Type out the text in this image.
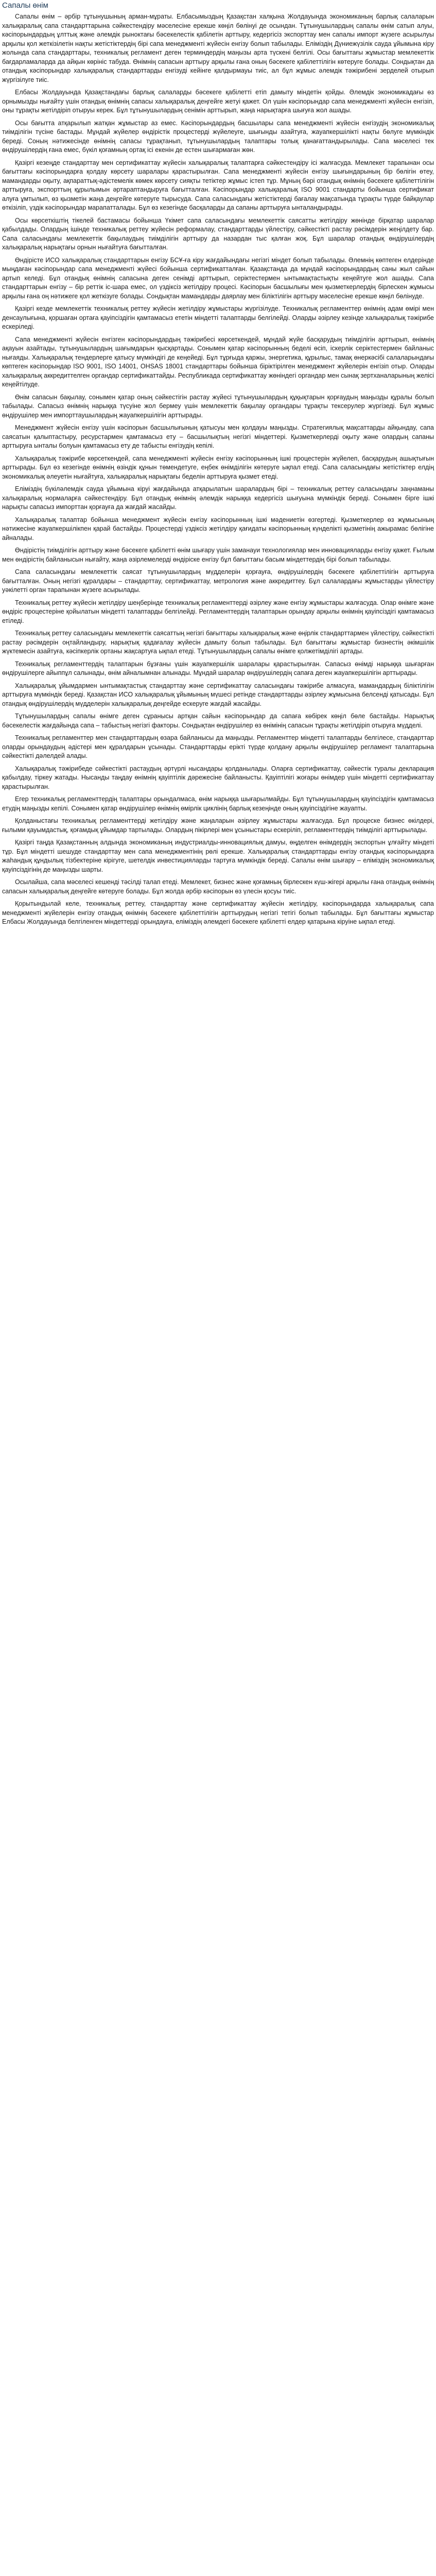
Сапалы өнім

Сапалы өнім – әрбір тұтынушының арман-мұраты. Елбасымыздың Қазақстан халқына Жолдауында экономиканың барлық салаларын халықаралық сапа стандарттарына сәйкестендіру мәселесіне ерекше көңіл бөлінуі де осындан. Тұтынушылардың сапалы өнім сатып алуы, кәсіпорындардың ұлттық және әлемдік рыноктағы бәсекелестік қабілетін арттыру, кедергісіз экспорттау мен сапалы импорт жүзеге асырылуы арқылы қол жеткізілетін нақты жетістіктердің бірі сапа менеджменті жүйесін енгізу болып табылады. Еліміздің Дүниежүзілік сауда ұйымына кіру жолында сапа стандарттары, техникалық регламент деген терминдердің маңызы арта түскені белгілі. Осы бағыттағы жұмыстар мемлекеттік бағдарламаларда да айқын көрініс табуда. Өнімнің сапасын арттыру арқылы ғана оның бәсекеге қабілеттілігін көтеруге болады. Сондықтан да отандық кәсіпорындар халықаралық стандарттарды енгізуді кейінге қалдырмауы тиіс, ал бұл жұмыс әлемдік тәжірибені зерделей отырып жүргізілуге тиіс.

Елбасы Жолдауында Қазақстандағы барлық салаларды бәсекеге қабілетті етіп дамыту міндетін қойды. Әлемдік экономикадағы өз орнымызды нығайту үшін отандық өнімнің сапасы халықаралық деңгейге жетуі қажет. Ол үшін кәсіпорындар сапа менеджменті жүйесін енгізіп, оны тұрақты жетілдіріп отыруы керек. Бұл тұтынушылардың сенімін арттырып, жаңа нарықтарға шығуға жол ашады.

Осы бағытта атқарылып жатқан жұмыстар аз емес. Кәсіпорындардың басшылары сапа менеджменті жүйесін енгізудің экономикалық тиімділігін түсіне бастады. Мұндай жүйелер өндірістік процестерді жүйелеуге, шығынды азайтуға, жауапкершілікті нақты бөлуге мүмкіндік береді. Соның нәтижесінде өнімнің сапасы тұрақтанып, тұтынушылардың талаптары толық қанағаттандырылады. Сапа мәселесі тек өндірушілердің ғана емес, бүкіл қоғамның ортақ ісі екенін де естен шығармаған жөн.

Қазіргі кезеңде стандарттау мен сертификаттау жүйесін халықаралық талаптарға сәйкестендіру ісі жалғасуда. Мемлекет тарапынан осы бағыттағы кәсіпорындарға қолдау көрсету шаралары қарастырылған. Сапа менеджменті жүйесін енгізу шығындарының бір бөлігін өтеу, мамандарды оқыту, ақпараттық-әдістемелік көмек көрсету сияқты тетіктер жұмыс істеп тұр. Мұның бәрі отандық өнімнің бәсекеге қабілеттілігін арттыруға, экспорттың құрылымын әртараптандыруға бағытталған. Кәсіпорындар халықаралық ISO 9001 стандарты бойынша сертификат алуға ұмтылып, өз қызметін жаңа деңгейге көтеруге тырысуда. Сапа саласындағы жетістіктерді бағалау мақсатында тұрақты түрде байқаулар өткізіліп, үздік кәсіпорындар марапатталады. Бұл өз кезегінде басқаларды да сапаны арттыруға ынталандырады.

Осы көрсеткіштің тікелей бастамасы бойынша Үкімет сапа саласындағы мемлекеттік саясатты жетілдіру жөнінде бірқатар шаралар қабылдады. Олардың ішінде техникалық реттеу жүйесін реформалау, стандарттарды үйлестіру, сәйкестікті растау рәсімдерін жеңілдету бар. Сапа саласындағы мемлекеттік бақылаудың тиімділігін арттыру да назардан тыс қалған жоқ. Бұл шаралар отандық өндірушілердің халықаралық нарықтағы орнын нығайтуға бағытталған.

Өндірісте ИСО халықаралық стандарттарын енгізу БСҰ-ға кіру жағдайындағы негізгі міндет болып табылады. Әлемнің көптеген елдерінде мыңдаған кәсіпорындар сапа менеджменті жүйесі бойынша сертификатталған. Қазақстанда да мұндай кәсіпорындардың саны жыл сайын артып келеді. Бұл отандық өнімнің сапасына деген сенімді арттырып, серіктестермен ынтымақтастықты кеңейтуге жол ашады. Сапа стандарттарын енгізу – бір реттік іс-шара емес, ол үздіксіз жетілдіру процесі. Кәсіпорын басшылығы мен қызметкерлердің бірлескен жұмысы арқылы ғана оң нәтижеге қол жеткізуге болады. Сондықтан мамандарды даярлау мен біліктілігін арттыру мәселесіне ерекше көңіл бөлінуде.

Қазіргі кезде мемлекеттік техникалық реттеу жүйесін жетілдіру жұмыстары жүргізілуде. Техникалық регламенттер өнімнің адам өмірі мен денсаулығына, қоршаған ортаға қауіпсіздігін қамтамасыз ететін міндетті талаптарды белгілейді. Оларды әзірлеу кезінде халықаралық тәжірибе ескеріледі.

Сапа менеджменті жүйесін енгізген кәсіпорындардың тәжірибесі көрсеткендей, мұндай жүйе басқарудың тиімділігін арттырып, өнімнің ақауын азайтады, тұтынушылардың шағымдарын қысқартады. Сонымен қатар кәсіпорынның беделі өсіп, іскерлік серіктестермен байланыс нығаяды. Халықаралық тендерлерге қатысу мүмкіндігі де кеңейеді. Бұл тұрғыда қаржы, энергетика, құрылыс, тамақ өнеркәсібі салаларындағы көптеген кәсіпорындар ISO 9001, ISO 14001, OHSAS 18001 стандарттары бойынша біріктірілген менеджмент жүйелерін енгізіп отыр. Оларды халықаралық аккредиттелген органдар сертификаттайды. Республикада сертификаттау жөніндегі органдар мен сынақ зертханаларының желісі кеңейтілуде.

Өнім сапасын бақылау, сонымен қатар оның сәйкестігін растау жүйесі тұтынушылардың құқықтарын қорғаудың маңызды құралы болып табылады. Сапасыз өнімнің нарыққа түсуіне жол бермеу үшін мемлекеттік бақылау органдары тұрақты тексерулер жүргізеді. Бұл жұмыс өндірушілер мен импорттаушылардың жауапкершілігін арттырады.

Менеджмент жүйесін енгізу үшін кәсіпорын басшылығының қатысуы мен қолдауы маңызды. Стратегиялық мақсаттарды айқындау, сапа саясатын қалыптастыру, ресурстармен қамтамасыз ету – басшылықтың негізгі міндеттері. Қызметкерлерді оқыту және олардың сапаны арттыруға ынталы болуын қамтамасыз ету де табысты енгізудің кепілі.

Халықаралық тәжірибе көрсеткендей, сапа менеджменті жүйесін енгізу кәсіпорынның ішкі процестерін жүйелеп, басқарудың ашықтығын арттырады. Бұл өз кезегінде өнімнің өзіндік құнын төмендетуге, еңбек өнімділігін көтеруге ықпал етеді. Сапа саласындағы жетістіктер елдің экономикалық әлеуетін нығайтуға, халықаралық нарықтағы беделін арттыруға қызмет етеді.

Еліміздің бүкіләлемдік сауда ұйымына кіруі жағдайында атқарылатын шаралардың бірі – техникалық реттеу саласындағы заңнаманы халықаралық нормаларға сәйкестендіру. Бұл отандық өнімнің әлемдік нарыққа кедергісіз шығуына мүмкіндік береді. Сонымен бірге ішкі нарықты сапасыз импорттан қорғауға да жағдай жасайды.

Халықаралық талаптар бойынша менеджмент жүйесін енгізу кәсіпорынның ішкі мәдениетін өзгертеді. Қызметкерлер өз жұмысының нәтижесіне жауапкершілікпен қарай бастайды. Процестерді үздіксіз жетілдіру қағидаты кәсіпорынның күнделікті қызметінің ажырамас бөлігіне айналады.

Өндірістің тиімділігін арттыру және бәсекеге қабілетті өнім шығару үшін заманауи технологиялар мен инновацияларды енгізу қажет. Ғылым мен өндірістің байланысын нығайту, жаңа әзірлемелерді өндіріске енгізу бұл бағыттағы басым міндеттердің бірі болып табылады.

Сапа саласындағы мемлекеттік саясат тұтынушылардың мүдделерін қорғауға, өндірушілердің бәсекеге қабілеттілігін арттыруға бағытталған. Оның негізгі құралдары – стандарттау, сертификаттау, метрология және аккредиттеу. Бұл салалардағы жұмыстарды үйлестіру уәкілетті орган тарапынан жүзеге асырылады.

Техникалық реттеу жүйесін жетілдіру шеңберінде техникалық регламенттерді әзірлеу және енгізу жұмыстары жалғасуда. Олар өнімге және өндіріс процестеріне қойылатын міндетті талаптарды белгілейді. Регламенттердің талаптарын орындау арқылы өнімнің қауіпсіздігі қамтамасыз етіледі.

Техникалық реттеу саласындағы мемлекеттік саясаттың негізгі бағыттары халықаралық және өңірлік стандарттармен үйлестіру, сәйкестікті растау рәсімдерін оңтайландыру, нарықтық қадағалау жүйесін дамыту болып табылады. Бұл бағыттағы жұмыстар бизнестің әкімшілік жүктемесін азайтуға, кәсіпкерлік ортаны жақсартуға ықпал етеді. Тұтынушылардың сапалы өнімге қолжетімділігі артады.

Техникалық регламенттердің талаптарын бұзғаны үшін жауапкершілік шаралары қарастырылған. Сапасыз өнімді нарыққа шығарған өндірушілерге айыппұл салынады, өнім айналымнан алынады. Мұндай шаралар өндірушілердің сапаға деген жауапкершілігін арттырады.

Халықаралық ұйымдармен ынтымақтастық стандарттау және сертификаттау саласындағы тәжірибе алмасуға, мамандардың біліктілігін арттыруға мүмкіндік береді. Қазақстан ИСО халықаралық ұйымының мүшесі ретінде стандарттарды әзірлеу жұмысына белсенді қатысады. Бұл отандық өндірушілердің мүдделерін халықаралық деңгейде ескеруге жағдай жасайды.

Тұтынушылардың сапалы өнімге деген сұранысы артқан сайын кәсіпорындар да сапаға көбірек көңіл бөле бастайды. Нарықтық бәсекелестік жағдайында сапа – табыстың негізгі факторы. Сондықтан өндірушілер өз өнімінің сапасын тұрақты жетілдіріп отыруға мүдделі.

Техникалық регламенттер мен стандарттардың өзара байланысы да маңызды. Регламенттер міндетті талаптарды белгілесе, стандарттар оларды орындаудың әдістері мен құралдарын ұсынады. Стандарттарды ерікті түрде қолдану арқылы өндірушілер регламент талаптарына сәйкестікті дәлелдей алады.

Халықаралық тәжірибеде сәйкестікті растаудың әртүрлі нысандары қолданылады. Оларға сертификаттау, сәйкестік туралы декларация қабылдау, тіркеу жатады. Нысанды таңдау өнімнің қауіптілік дәрежесіне байланысты. Қауіптілігі жоғары өнімдер үшін міндетті сертификаттау қарастырылған.

Егер техникалық регламенттердің талаптары орындалмаса, өнім нарыққа шығарылмайды. Бұл тұтынушылардың қауіпсіздігін қамтамасыз етудің маңызды кепілі. Сонымен қатар өндірушілер өнімнің өмірлік циклінің барлық кезеңінде оның қауіпсіздігіне жауапты.

Қолданыстағы техникалық регламенттерді жетілдіру және жаңаларын әзірлеу жұмыстары жалғасуда. Бұл процеске бизнес өкілдері, ғылыми қауымдастық, қоғамдық ұйымдар тартылады. Олардың пікірлері мен ұсыныстары ескеріліп, регламенттердің тиімділігі арттырылады.

Қазіргі таңда Қазақстанның алдында экономиканың индустриалды-инновациялық дамуы, өңделген өнімдердің экспортын ұлғайту міндеті тұр. Бұл міндетті шешуде стандарттау мен сапа менеджментінің рөлі ерекше. Халықаралық стандарттарды енгізу отандық кәсіпорындарға жаһандық құндылық тізбектеріне кірігуге, шетелдік инвестицияларды тартуға мүмкіндік береді. Сапалы өнім шығару – еліміздің экономикалық қауіпсіздігінің де маңызды шарты.

Осылайша, сапа мәселесі кешенді тәсілді талап етеді. Мемлекет, бизнес және қоғамның бірлескен күш-жігері арқылы ғана отандық өнімнің сапасын халықаралық деңгейге көтеруге болады. Бұл жолда әрбір кәсіпорын өз үлесін қосуы тиіс.

Қорытындылай келе, техникалық реттеу, стандарттау және сертификаттау жүйесін жетілдіру, кәсіпорындарда халықаралық сапа менеджменті жүйелерін енгізу отандық өнімнің бәсекеге қабілеттілігін арттырудың негізгі тетігі болып табылады. Бұл бағыттағы жұмыстар Елбасы Жолдауында белгіленген міндеттерді орындауға, еліміздің әлемдегі бәсекеге қабілетті елдер қатарына кіруіне ықпал етеді.
